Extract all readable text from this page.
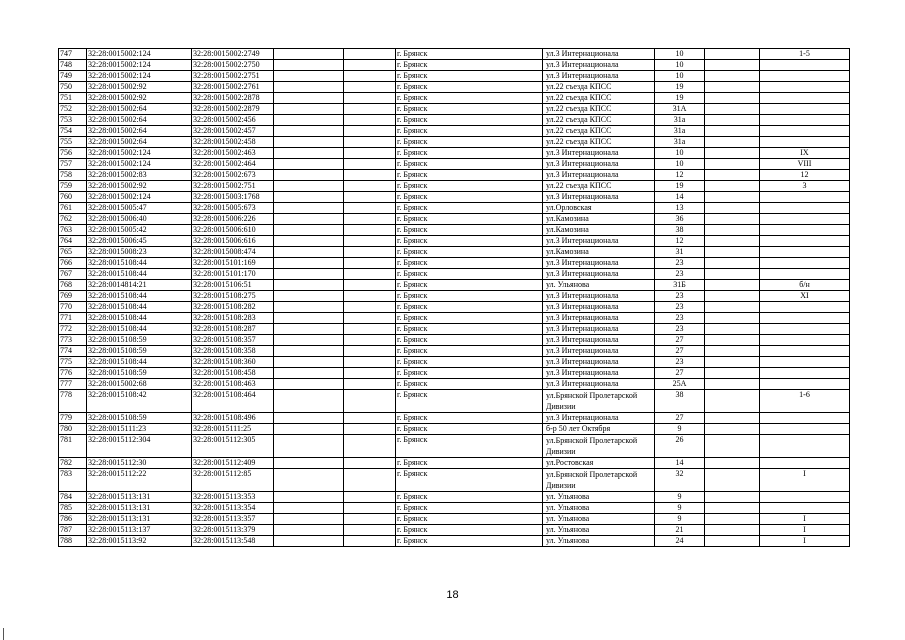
747	32:28:0015002:124	32:28:0015002:2749			г. Брянск	ул.3 Интернационала	10		1-5
748	32:28:0015002:124	32:28:0015002:2750			г. Брянск	ул.3 Интернационала	10		
749	32:28:0015002:124	32:28:0015002:2751			г. Брянск	ул.3 Интернационала	10		
750	32:28:0015002:92	32:28:0015002:2761			г. Брянск	ул.22 съезда КПСС	19		
751	32:28:0015002:92	32:28:0015002:2878			г. Брянск	ул.22 съезда КПСС	19		
752	32:28:0015002:64	32:28:0015002:2879			г. Брянск	ул.22 съезда КПСС	31А		
753	32:28:0015002:64	32:28:0015002:456			г. Брянск	ул.22 съезда КПСС	31а		
754	32:28:0015002:64	32:28:0015002:457			г. Брянск	ул.22 съезда КПСС	31а		
755	32:28:0015002:64	32:28:0015002:458			г. Брянск	ул.22 съезда КПСС	31а		
756	32:28:0015002:124	32:28:0015002:463			г. Брянск	ул.3 Интернационала	10		IX
757	32:28:0015002:124	32:28:0015002:464			г. Брянск	ул.3 Интернационала	10		VIII
758	32:28:0015002:83	32:28:0015002:673			г. Брянск	ул.3 Интернационала	12		12
759	32:28:0015002:92	32:28:0015002:751			г. Брянск	ул.22 съезда КПСС	19		3
760	32:28:0015002:124	32:28:0015003:1768			г. Брянск	ул.3 Интернационала	14		
761	32:28:0015005:47	32:28:0015005:673			г. Брянск	ул.Орловская	13		
762	32:28:0015006:40	32:28:0015006:226			г. Брянск	ул.Камозина	36		
763	32:28:0015005:42	32:28:0015006:610			г. Брянск	ул.Камозина	38		
764	32:28:0015006:45	32:28:0015006:616			г. Брянск	ул.3 Интернационала	12		
765	32:28:0015008:23	32:28:0015008:474			г. Брянск	ул.Камозина	31		
766	32:28:0015108:44	32:28:0015101:169			г. Брянск	ул.3 Интернационала	23		
767	32:28:0015108:44	32:28:0015101:170			г. Брянск	ул.3 Интернационала	23		
768	32:28:0014814:21	32:28:0015106:51			г. Брянск	ул. Ульянова	31Б		б/н
769	32:28:0015108:44	32:28:0015108:275			г. Брянск	ул.3 Интернационала	23		XI
770	32:28:0015108:44	32:28:0015108:282			г. Брянск	ул.3 Интернационала	23		
771	32:28:0015108:44	32:28:0015108:283			г. Брянск	ул.3 Интернационала	23		
772	32:28:0015108:44	32:28:0015108:287			г. Брянск	ул.3 Интернационала	23		
773	32:28:0015108:59	32:28:0015108:357			г. Брянск	ул.3 Интернационала	27		
774	32:28:0015108:59	32:28:0015108:358			г. Брянск	ул.3 Интернационала	27		
775	32:28:0015108:44	32:28:0015108:360			г. Брянск	ул.3 Интернационала	23		
776	32:28:0015108:59	32:28:0015108:458			г. Брянск	ул.3 Интернационала	27		
777	32:28:0015002:68	32:28:0015108:463			г. Брянск	ул.3 Интернационала	25А		
778	32:28:0015108:42	32:28:0015108:464			г. Брянск	ул.Брянской Пролетарской Дивизии	38		1-6
779	32:28:0015108:59	32:28:0015108:496			г. Брянск	ул.3 Интернационала	27		
780	32:28:0015111:23	32:28:0015111:25			г. Брянск	б-р 50 лет Октября	9		
781	32:28:0015112:304	32:28:0015112:305			г. Брянск	ул.Брянской Пролетарской Дивизии	26		
782	32:28:0015112:30	32:28:0015112:409			г. Брянск	ул.Ростовская	14		
783	32:28:0015112:22	32:28:0015112:85			г. Брянск	ул.Брянской Пролетарской Дивизии	32		I
784	32:28:0015113:131	32:28:0015113:353			г. Брянск	ул. Ульянова	9		
785	32:28:0015113:131	32:28:0015113:354			г. Брянск	ул. Ульянова	9		
786	32:28:0015113:131	32:28:0015113:357			г. Брянск	ул. Ульянова	9		I
787	32:28:0015113:137	32:28:0015113:379			г. Брянск	ул. Ульянова	21		I
788	32:28:0015113:92	32:28:0015113:548			г. Брянск	ул. Ульянова	24		I
18
